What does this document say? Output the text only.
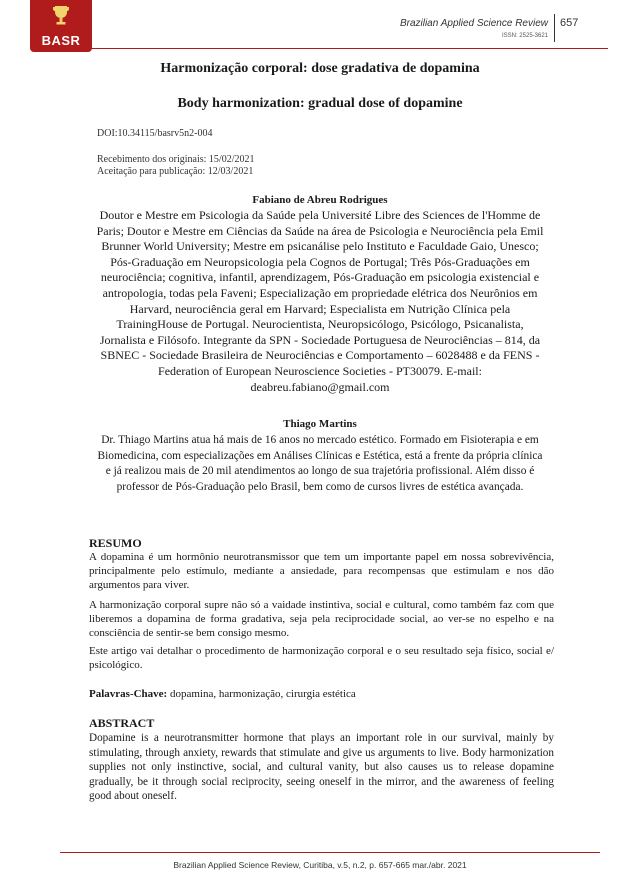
BASR
Brazilian Applied Science Review
ISSN: 2525-3621
657
Harmonização corporal: dose gradativa de dopamina
Body harmonization: gradual dose of dopamine
DOI:10.34115/basrv5n2-004
Recebimento dos originais: 15/02/2021
Aceitação para publicação: 12/03/2021
Fabiano de Abreu Rodrigues

Doutor e Mestre em Psicologia da Saúde pela Université Libre des Sciences de l'Homme de Paris; Doutor e Mestre em Ciências da Saúde na área de Psicologia e Neurociência pela Emil Brunner World University; Mestre em psicanálise pelo Instituto e Faculdade Gaio, Unesco; Pós-Graduação em Neuropsicologia pela Cognos de Portugal; Três Pós-Graduações em neurociência; cognitiva, infantil, aprendizagem, Pós-Graduação em psicologia existencial e antropologia, todas pela Faveni; Especialização em propriedade elétrica dos Neurônios em Harvard, neurociência geral em Harvard; Especialista em Nutrição Clínica pela TrainingHouse de Portugal. Neurocientista, Neuropsicólogo, Psicólogo, Psicanalista, Jornalista e Filósofo. Integrante da SPN - Sociedade Portuguesa de Neurociências – 814, da SBNEC - Sociedade Brasileira de Neurociências e Comportamento – 6028488 e da FENS - Federation of European Neuroscience Societies - PT30079. E-mail: deabreu.fabiano@gmail.com

Thiago Martins

Dr. Thiago Martins atua há mais de 16 anos no mercado estético. Formado em Fisioterapia e em Biomedicina, com especializações em Análises Clínicas e Estética, está a frente da própria clínica e já realizou mais de 20 mil atendimentos ao longo de sua trajetória profissional. Além disso é professor de Pós-Graduação pelo Brasil, bem como de cursos livres de estética avançada.

RESUMO

A dopamina é um hormônio neurotransmissor que tem um importante papel em nossa sobrevivência, principalmente pelo estímulo, mediante a ansiedade, para recompensas que estimulam e nos dão argumentos para viver.

A harmonização corporal supre não só a vaidade instintiva, social e cultural, como também faz com que liberemos a dopamina de forma gradativa, seja pela reciprocidade social, ao ver-se no espelho e na consciência de sentir-se bem consigo mesmo.

Este artigo vai detalhar o procedimento de harmonização corporal e o seu resultado seja físico, social e/ psicológico.

Palavras-Chave: dopamina, harmonização, cirurgia estética
ABSTRACT

Dopamine is a neurotransmitter hormone that plays an important role in our survival, mainly by stimulating, through anxiety, rewards that stimulate and give us arguments to live. Body harmonization supplies not only instinctive, social, and cultural vanity, but also causes us to release dopamine gradually, be it through social reciprocity, seeing oneself in the mirror, and the awareness of feeling good about oneself.

Brazilian Applied Science Review, Curitiba, v.5, n.2, p. 657-665 mar./abr. 2021
